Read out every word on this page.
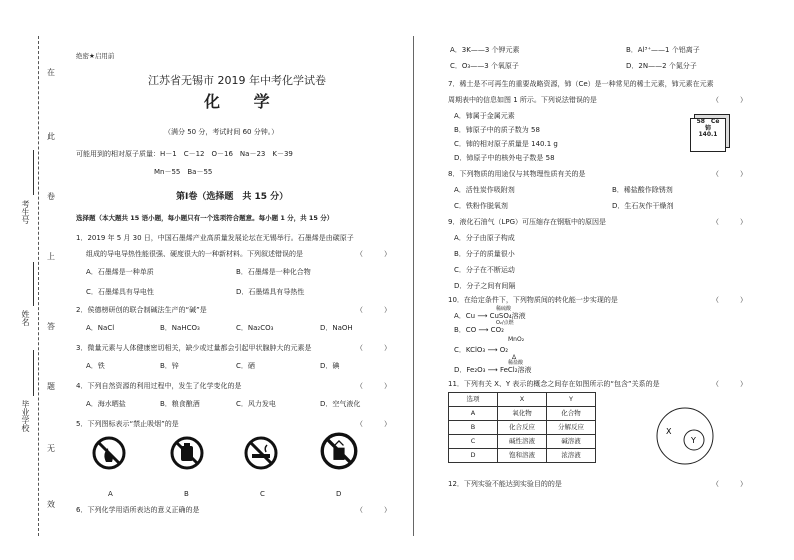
在
此
卷
上
答
题
无
效
考生号
姓名
毕业学校
绝密★启用前
江苏省无锡市 2019 年中考化学试卷
化 学
（满分 50 分，考试时间 60 分钟。）
可能用到的相对原子质量：H－1　C－12　O－16　Na－23　K－39
Mn－55　Ba－55
第Ⅰ卷（选择题　共 15 分）
选择题（本大题共 15 语小题，每小题只有一个选项符合题意。每小题 1 分，共 15 分）
1．2019 年 5 月 30 日，中国石墨烯产业高质量发展论坛在无锡举行。石墨烯是由碳原子
组成的导电导热性能很强、硬度很大的一种新材料。下列叙述错误的是	（　　　）
A．石墨烯是一种单质	B．石墨烯是一种化合物
C．石墨烯具有导电性	D．石墨烯具有导热性
2．侯德榜研创的联合制碱法生产的“碱”是	（　　　）
A．NaCl	B．NaHCO₃	C．Na₂CO₃	D．NaOH
3．微量元素与人体健康密切相关，缺少或过量都会引起甲状腺肿大的元素是	（　　　）
A．铁	B．锌	C．硒	D．碘
4．下列自然资源的利用过程中，发生了化学变化的是	（　　　）
A．海水晒盐	B．粮食酿酒	C．风力发电	D．空气液化
5．下列图标表示“禁止吸烟”的是	（　　　）
A	B	C	D
6．下列化学用语所表达的意义正确的是	（　　　）
A．3K——3 个钾元素	B．Al³⁺——1 个铝离子
C．O₃——3 个氧原子	D．2N——2 个氮分子
7．稀土是不可再生的重要战略资源，铈（Ce）是一种常见的稀土元素，铈元素在元素
周期表中的信息如图 1 所示。下列说法错误的是	（　　　）
A．铈属于金属元素
B．铈原子中的质子数为 58
C．铈的相对原子质量是 140.1 g
D．铈原子中的核外电子数是 58
58　Ce
铈
140.1
8．下列物质的用途仅与其物理性质有关的是	（　　　）
A．活性炭作吸附剂	B．稀盐酸作除锈剂
C．铁粉作脱氧剂	D．生石灰作干燥剂
9．液化石油气（LPG）可压缩存在钢瓶中的原因是	（　　　）
A．分子由原子构成
B．分子的质量很小
C．分子在不断运动
D．分子之间有间隔
10．在给定条件下，下列物质间的转化能一步实现的是	（　　　）
A．Cu ⟶ CuSO₄溶液
稀硫酸
B．CO ⟶ CO₂
O₂/点燃
C．KClO₃ ⟶ O₂
MnO₂
Δ
D．Fe₂O₃ ⟶ FeCl₂溶液
稀盐酸
11．下列有关 X、Y 表示的概念之间存在如图所示的“包含”关系的是	（　　　）
选项	X	Y
A	氧化物	化合物
B	化合反应	分解反应
C	碱性溶液	碱溶液
D	饱和溶液	浓溶液
X
Y
12．下列实验不能达到实验目的的是	（　　　）
